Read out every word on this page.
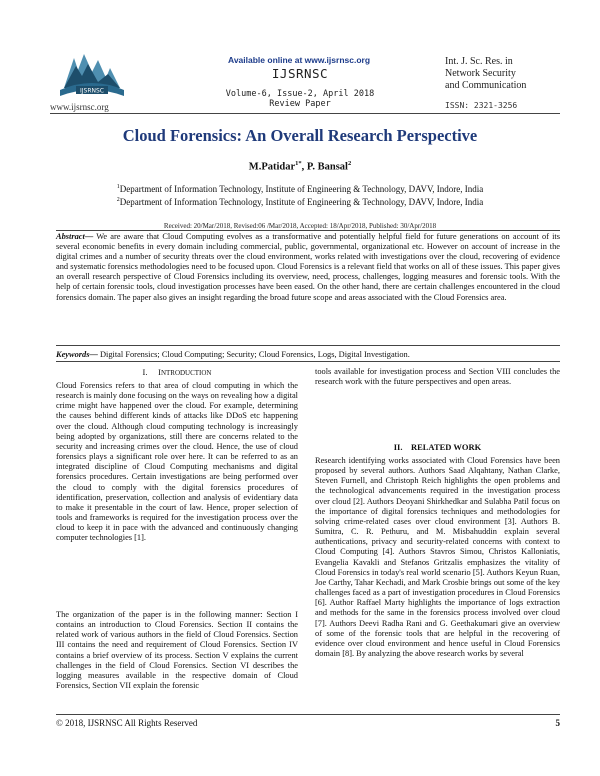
IJSRNSC
www.ijsrnsc.org
Available online at www.ijsrnsc.org
IJSRNSC
Volume-6, Issue-2, April 2018
Review Paper
Int. J. Sc. Res. in
Network Security
and Communication
ISSN: 2321-3256
Cloud Forensics: An Overall Research Perspective
M.Patidar$^{1*}$, P. Bansal$^2$
$^1$Department of Information Technology, Institute of Engineering & Technology, DAVV, Indore, India
$^2$Department of Information Technology, Institute of Engineering & Technology, DAVV, Indore, India
Received: 20/Mar/2018, Revised:06 /Mar/2018, Accepted: 18/Apr/2018, Published: 30/Apr/2018
Abstract— We are aware that Cloud Computing evolves as a transformative and potentially helpful field for future generations on account of its several economic benefits in every domain including commercial, public, governmental, organizational etc. However on account of increase in the digital crimes and a number of security threats over the cloud environment, works related with investigations over the cloud, recovering of evidence and systematic forensics methodologies need to be focused upon. Cloud Forensics is a relevant field that works on all of these issues. This paper gives an overall research perspective of Cloud Forensics including its overview, need, process, challenges, logging measures and forensic tools. With the help of certain forensic tools, cloud investigation processes have been eased. On the other hand, there are certain challenges encountered in the cloud forensics domain. The paper also gives an insight regarding the broad future scope and areas associated with the Cloud Forensics area.
Keywords— Digital Forensics; Cloud Computing; Security; Cloud Forensics, Logs, Digital Investigation.
I. INTRODUCTION

Cloud Forensics refers to that area of cloud computing in which the research is mainly done focusing on the ways on revealing how a digital crime might have happened over the cloud. For example, determining the causes behind different kinds of attacks like DDoS etc happening over the cloud. Although cloud computing technology is increasingly being adopted by organizations, still there are concerns related to the security and increasing crimes over the cloud. Hence, the use of cloud forensics plays a significant role over here. It can be referred to as an integrated discipline of Cloud Computing mechanisms and digital forensics procedures. Certain investigations are being performed over the cloud to comply with the digital forensics procedures of identification, preservation, collection and analysis of evidentiary data to make it presentable in the court of law. Hence, proper selection of tools and frameworks is required for the investigation process over the cloud to keep it in pace with the advanced and continuously changing computer technologies [1].

The organization of the paper is in the following manner: Section I contains an introduction to Cloud Forensics. Section II contains the related work of various authors in the field of Cloud Forensics. Section III contains the need and requirement of Cloud Forensics. Section IV contains a brief overview of its process. Section V explains the current challenges in the field of Cloud Forensics. Section VI describes the logging measures available in the respective domain of Cloud Forensics, Section VII explain the forensic

tools available for investigation process and Section VIII concludes the research work with the future perspectives and open areas.

II.    RELATED WORK

Research identifying works associated with Cloud Forensics have been proposed by several authors. Authors Saad Alqahtany, Nathan Clarke, Steven Furnell, and Christoph Reich highlights the open problems and the technological advancements required in the investigation process over cloud [2]. Authors Deoyani Shirkhedkar and Sulabha Patil focus on the importance of digital forensics techniques and methodologies for solving crime-related cases over cloud environment [3]. Authors B. Sumitra, C. R. Pethuru, and M. Misbahuddin explain several authentications, privacy and security-related concerns with context to Cloud Computing [4]. Authors Stavros Simou, Christos Kalloniatis, Evangelia Kavakli and Stefanos Gritzalis emphasizes the vitality of Cloud Forensics in today's real world scenario [5]. Authors Keyun Ruan, Joe Carthy, Tahar Kechadi, and Mark Crosbie brings out some of the key challenges faced as a part of investigation procedures in Cloud Forensics [6]. Author Raffael Marty highlights the importance of logs extraction and methods for the same in the forensics process involved over cloud [7]. Authors Deevi Radha Rani and G. Geethakumari give an overview of some of the forensic tools that are helpful in the recovering of evidence over cloud environment and hence useful in Cloud Forensics domain [8]. By analyzing the above research works by several

© 2018, IJSRNSC All Rights Reserved	5
